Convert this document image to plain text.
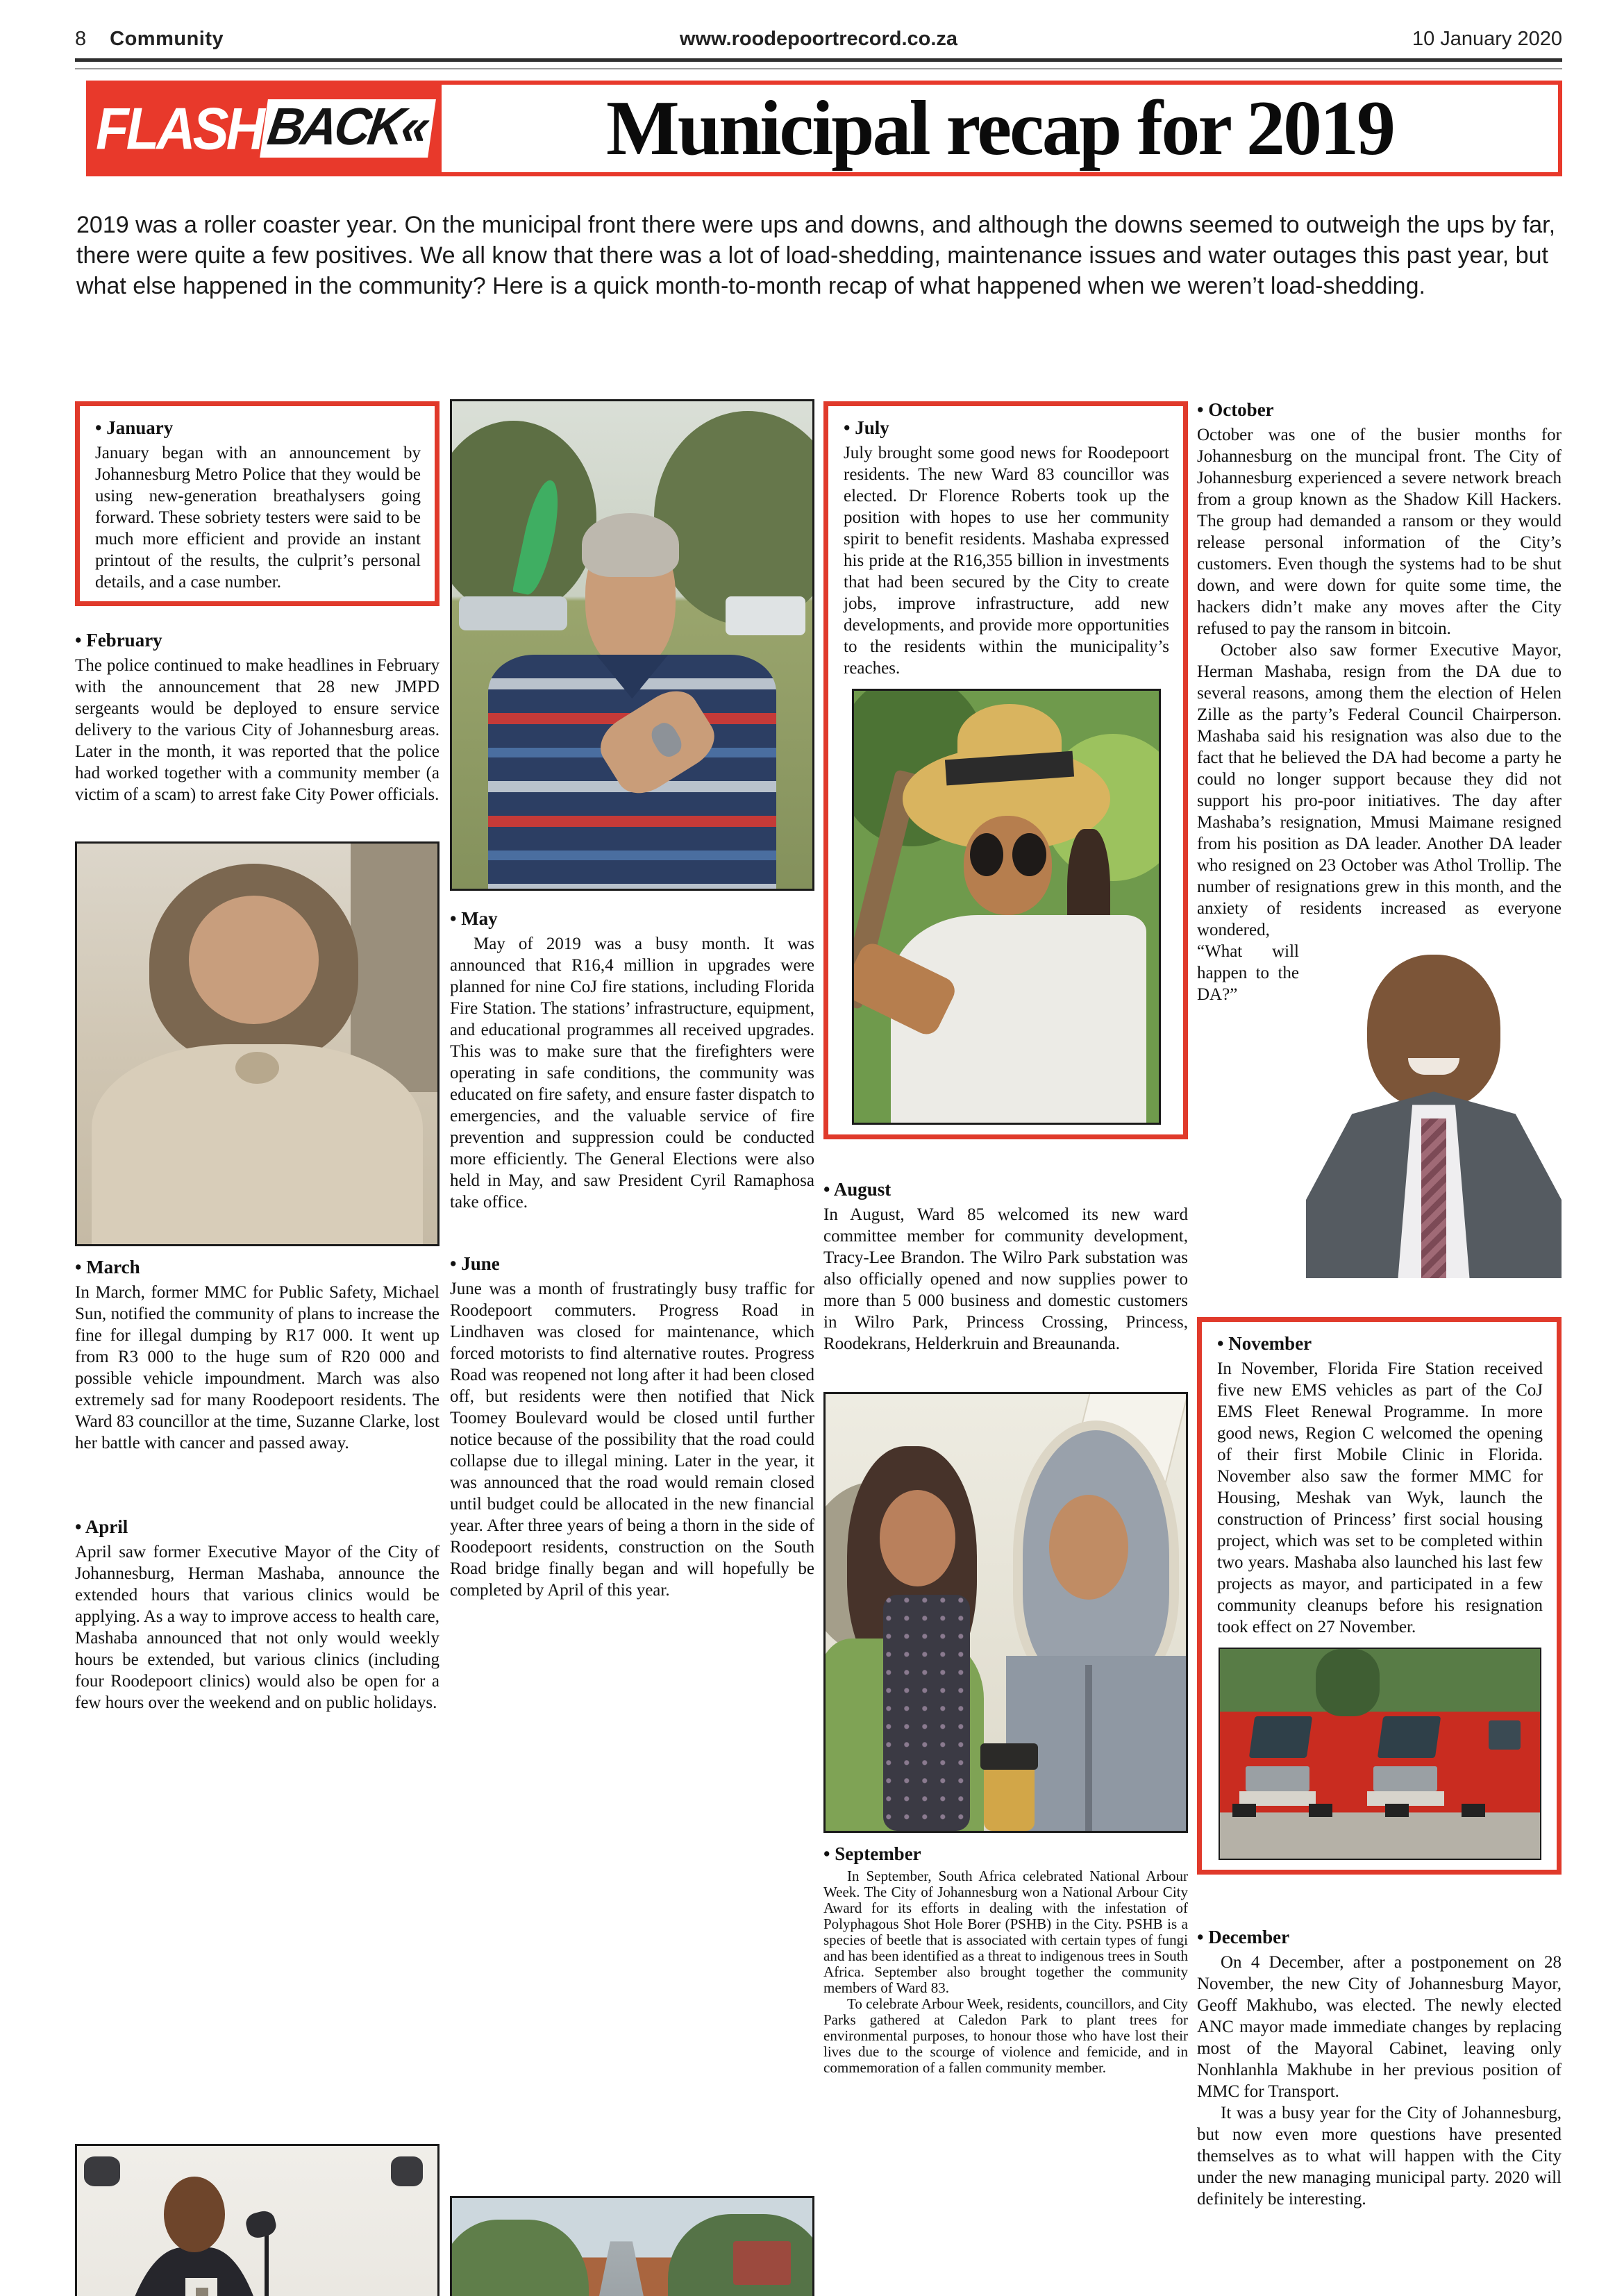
8 Community	www.roodepoortrecord.co.za	10 January 2020
FLASH BACK« Municipal recap for 2019

2019 was a roller coaster year. On the municipal front there were ups and downs, and although the downs seemed to outweigh the ups by far, there were quite a few positives. We all know that there was a lot of load-shedding, maintenance issues and water outages this past year, but what else happened in the community? Here is a quick month-to-month recap of what happened when we weren’t load-shedding.

• January

January began with an announcement by Johannesburg Metro Police that they would be using new-generation breathalysers going forward. These sobriety testers were said to be much more efficient and provide an instant printout of the results, the culprit’s personal details, and a case number.

• February

The police continued to make headlines in February with the announcement that 28 new JMPD sergeants would be deployed to ensure service delivery to the various City of Johannesburg areas. Later in the month, it was reported that the police had worked together with a community member (a victim of a scam) to arrest fake City Power officials.

• March

In March, former MMC for Public Safety, Michael Sun, notified the community of plans to increase the fine for illegal dumping by R17 000. It went up from R3 000 to the huge sum of R20 000 and possible vehicle impoundment. March was also extremely sad for many Roodepoort residents. The Ward 83 councillor at the time, Suzanne Clarke, lost her battle with cancer and passed away.

• April

April saw former Executive Mayor of the City of Johannesburg, Herman Mashaba, announce the extended hours that various clinics would be applying. As a way to improve access to health care, Mashaba announced that not only would weekly hours be extended, but various clinics (including four Roodepoort clinics) would also be open for a few hours over the weekend and on public holidays.

• May

May of 2019 was a busy month. It was announced that R16,4 million in upgrades were planned for nine CoJ fire stations, including Florida Fire Station. The stations’ infrastructure, equipment, and educational programmes all received upgrades. This was to make sure that the firefighters were operating in safe conditions, the community was educated on fire safety, and ensure faster dispatch to emergencies, and the valuable service of fire prevention and suppression could be conducted more efficiently. The General Elections were also held in May, and saw President Cyril Ramaphosa take office.

• June

June was a month of frustratingly busy traffic for Roodepoort commuters. Progress Road in Lindhaven was closed for maintenance, which forced motorists to find alternative routes. Progress Road was reopened not long after it had been closed off, but residents were then notified that Nick Toomey Boulevard would be closed until further notice because of the possibility that the road could collapse due to illegal mining. Later in the year, it was announced that the road would remain closed until budget could be allocated in the new financial year. After three years of being a thorn in the side of Roodepoort residents, construction on the South Road bridge finally began and will hopefully be completed by April of this year.

• July

July brought some good news for Roodepoort residents. The new Ward 83 councillor was elected. Dr Florence Roberts took up the position with hopes to use her community spirit to benefit residents. Mashaba expressed his pride at the R16,355 billion in investments that had been secured by the City to create jobs, improve infrastructure, add new developments, and provide more opportunities to the residents within the municipality’s reaches.

• August

In August, Ward 85 welcomed its new ward committee member for community development, Tracy-Lee Brandon. The Wilro Park substation was also officially opened and now supplies power to more than 5 000 business and domestic customers in Wilro Park, Princess Crossing, Princess, Roodekrans, Helderkruin and Breaunanda.

• September

In September, South Africa celebrated National Arbour Week. The City of Johannesburg won a National Arbour City Award for its efforts in dealing with the infestation of Polyphagous Shot Hole Borer (PSHB) in the City. PSHB is a species of beetle that is associated with certain types of fungi and has been identified as a threat to indigenous trees in South Africa. September also brought together the community members of Ward 83.

To celebrate Arbour Week, residents, councillors, and City Parks gathered at Caledon Park to plant trees for environmental purposes, to honour those who have lost their lives due to the scourge of violence and femicide, and in commemoration of a fallen community member.

• October

October was one of the busier months for Johannesburg on the muncipal front. The City of Johannesburg experienced a severe network breach from a group known as the Shadow Kill Hackers. The group had demanded a ransom or they would release personal information of the City’s customers. Even though the systems had to be shut down, and were down for quite some time, the hackers didn’t make any moves after the City refused to pay the ransom in bitcoin.

October also saw former Executive Mayor, Herman Mashaba, resign from the DA due to several reasons, among them the election of Helen Zille as the party’s Federal Council Chairperson. Mashaba said his resignation was also due to the fact that he believed the DA had become a party he could no longer support because they did not support his pro-poor initiatives. The day after Mashaba’s resignation, Mmusi Maimane resigned from his position as DA leader. Another DA leader who resigned on 23 October was Athol Trollip. The number of resignations grew in this month, and the anxiety of residents increased as everyone wondered,

“What will happen to the DA?”

• November

In November, Florida Fire Station received five new EMS vehicles as part of the CoJ EMS Fleet Renewal Programme. In more good news, Region C welcomed the opening of their first Mobile Clinic in Florida. November also saw the former MMC for Housing, Meshak van Wyk, launch the construction of Princess’ first social housing project, which was set to be completed within two years. Mashaba also launched his last few projects as mayor, and participated in a few community cleanups before his resignation took effect on 27 November.

• December

On 4 December, after a postponement on 28 November, the new City of Johannesburg Mayor, Geoff Makhubo, was elected. The newly elected ANC mayor made immediate changes by replacing most of the Mayoral Cabinet, leaving only Nonhlanhla Makhube in her previous position of MMC for Transport.

It was a busy year for the City of Johannesburg, but now even more questions have presented themselves as to what will happen with the City under the new managing municipal party. 2020 will definitely be interesting.
